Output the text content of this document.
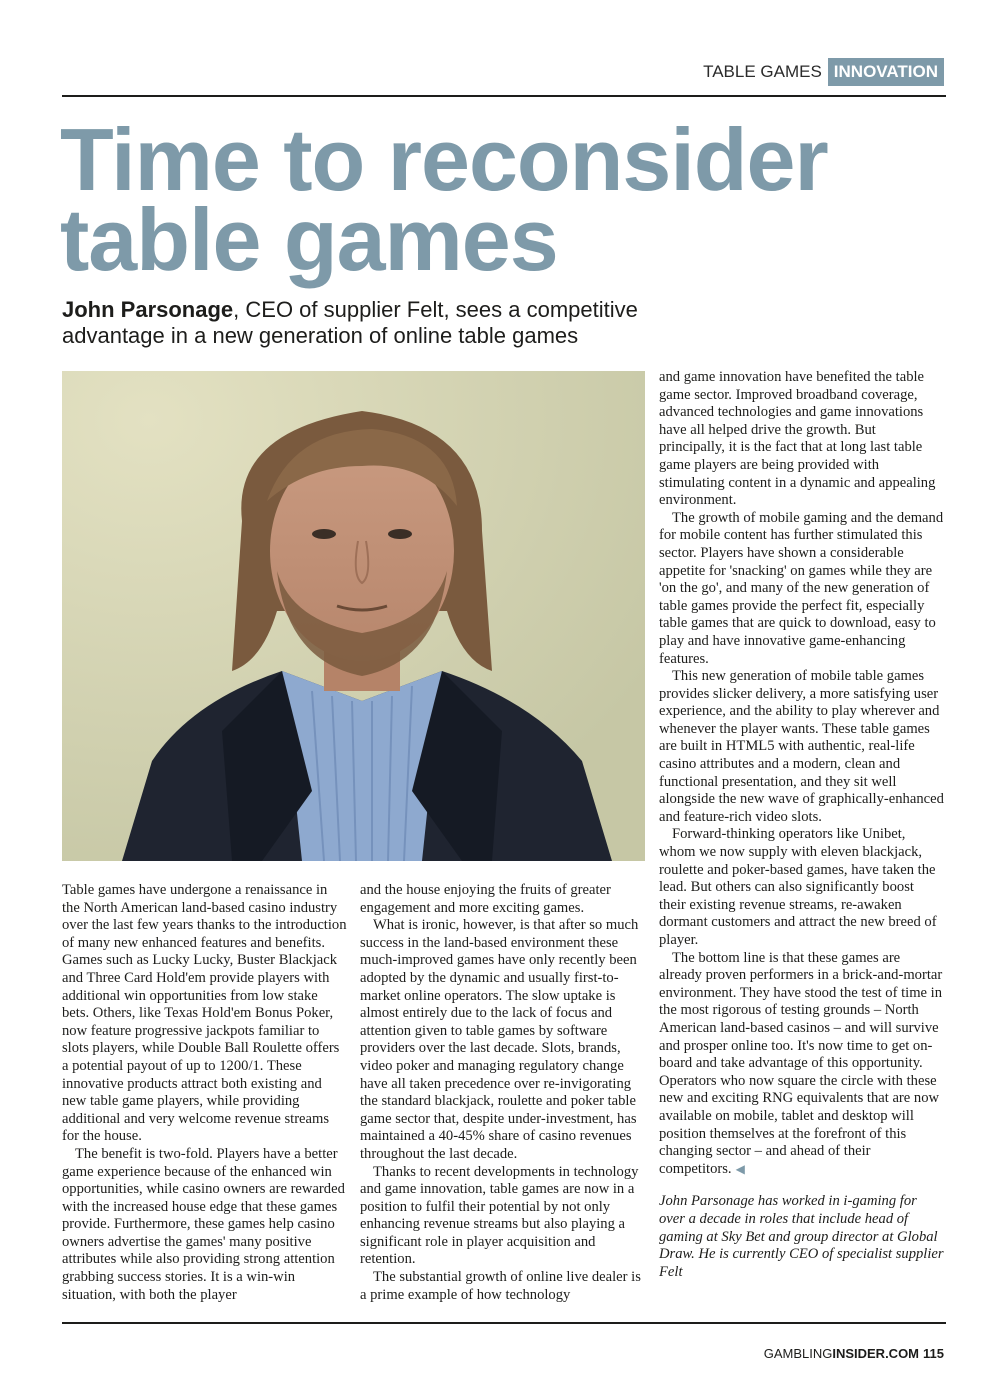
TABLE GAMES INNOVATION
Time to reconsider
table games

John Parsonage, CEO of supplier Felt, sees a competitive advantage in a new generation of online table games

Table games have undergone a renaissance in the North American land-based casino industry over the last few years thanks to the introduction of many new enhanced features and benefits. Games such as Lucky Lucky, Buster Blackjack and Three Card Hold'em provide players with additional win opportunities from low stake bets. Others, like Texas Hold'em Bonus Poker, now feature progressive jackpots familiar to slots players, while Double Ball Roulette offers a potential payout of up to 1200/1. These innovative products attract both existing and new table game players, while providing additional and very welcome revenue streams for the house.

The benefit is two-fold. Players have a better game experience because of the enhanced win opportunities, while casino owners are rewarded with the increased house edge that these games provide. Furthermore, these games help casino owners advertise the games' many positive attributes while also providing strong attention grabbing success stories. It is a win-win situation, with both the player

and the house enjoying the fruits of greater engagement and more exciting games.

What is ironic, however, is that after so much success in the land-based environment these much-improved games have only recently been adopted by the dynamic and usually first-to-market online operators. The slow uptake is almost entirely due to the lack of focus and attention given to table games by software providers over the last decade. Slots, brands, video poker and managing regulatory change have all taken precedence over re-invigorating the standard blackjack, roulette and poker table game sector that, despite under-investment, has maintained a 40-45% share of casino revenues throughout the last decade.

Thanks to recent developments in technology and game innovation, table games are now in a position to fulfil their potential by not only enhancing revenue streams but also playing a significant role in player acquisition and retention.

The substantial growth of online live dealer is a prime example of how technology

and game innovation have benefited the table game sector. Improved broadband coverage, advanced technologies and game innovations have all helped drive the growth. But principally, it is the fact that at long last table game players are being provided with stimulating content in a dynamic and appealing environment.

The growth of mobile gaming and the demand for mobile content has further stimulated this sector. Players have shown a considerable appetite for 'snacking' on games while they are 'on the go', and many of the new generation of table games provide the perfect fit, especially table games that are quick to download, easy to play and have innovative game-enhancing features.

This new generation of mobile table games provides slicker delivery, a more satisfying user experience, and the ability to play wherever and whenever the player wants. These table games are built in HTML5 with authentic, real-life casino attributes and a modern, clean and functional presentation, and they sit well alongside the new wave of graphically-enhanced and feature-rich video slots.

Forward-thinking operators like Unibet, whom we now supply with eleven blackjack, roulette and poker-based games, have taken the lead. But others can also significantly boost their existing revenue streams, re-awaken dormant customers and attract the new breed of player.

The bottom line is that these games are already proven performers in a brick-and-mortar environment. They have stood the test of time in the most rigorous of testing grounds – North American land-based casinos – and will survive and prosper online too. It's now time to get on-board and take advantage of this opportunity. Operators who now square the circle with these new and exciting RNG equivalents that are now available on mobile, tablet and desktop will position themselves at the forefront of this changing sector – and ahead of their competitors. ◀

John Parsonage has worked in i-gaming for over a decade in roles that include head of gaming at Sky Bet and group director at Global Draw. He is currently CEO of specialist supplier Felt

GAMBLINGINSIDER.COM 115
